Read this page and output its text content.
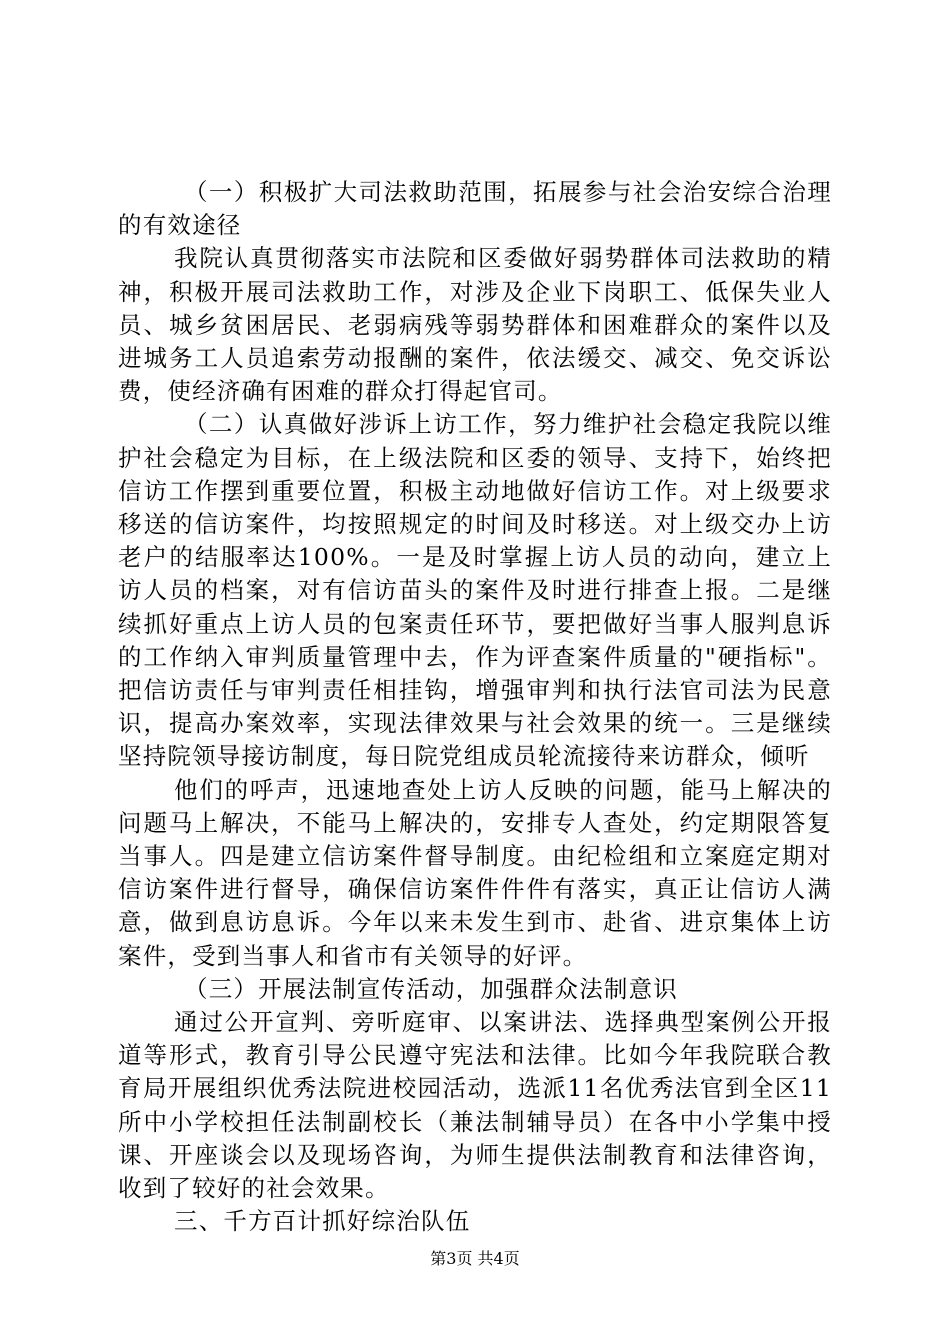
（一）积极扩大司法救助范围，拓展参与社会治安综合治理的有效途径

我院认真贯彻落实市法院和区委做好弱势群体司法救助的精神，积极开展司法救助工作，对涉及企业下岗职工、低保失业人员、城乡贫困居民、老弱病残等弱势群体和困难群众的案件以及进城务工人员追索劳动报酬的案件，依法缓交、减交、免交诉讼费，使经济确有困难的群众打得起官司。

（二）认真做好涉诉上访工作，努力维护社会稳定我院以维护社会稳定为目标，在上级法院和区委的领导、支持下，始终把信访工作摆到重要位置，积极主动地做好信访工作。对上级要求移送的信访案件，均按照规定的时间及时移送。对上级交办上访老户的结服率达100%。一是及时掌握上访人员的动向，建立上访人员的档案，对有信访苗头的案件及时进行排查上报。二是继续抓好重点上访人员的包案责任环节，要把做好当事人服判息诉的工作纳入审判质量管理中去，作为评查案件质量的"硬指标"。把信访责任与审判责任相挂钩，增强审判和执行法官司法为民意识，提高办案效率，实现法律效果与社会效果的统一。三是继续坚持院领导接访制度，每日院党组成员轮流接待来访群众，倾听

他们的呼声，迅速地查处上访人反映的问题，能马上解决的问题马上解决，不能马上解决的，安排专人查处，约定期限答复当事人。四是建立信访案件督导制度。由纪检组和立案庭定期对信访案件进行督导，确保信访案件件件有落实，真正让信访人满意，做到息访息诉。今年以来未发生到市、赴省、进京集体上访案件，受到当事人和省市有关领导的好评。

（三）开展法制宣传活动，加强群众法制意识

通过公开宣判、旁听庭审、以案讲法、选择典型案例公开报道等形式，教育引导公民遵守宪法和法律。比如今年我院联合教育局开展组织优秀法院进校园活动，选派11名优秀法官到全区11所中小学校担任法制副校长（兼法制辅导员）在各中小学集中授课、开座谈会以及现场咨询，为师生提供法制教育和法律咨询，收到了较好的社会效果。

三、千方百计抓好综治队伍

第3页 共4页
